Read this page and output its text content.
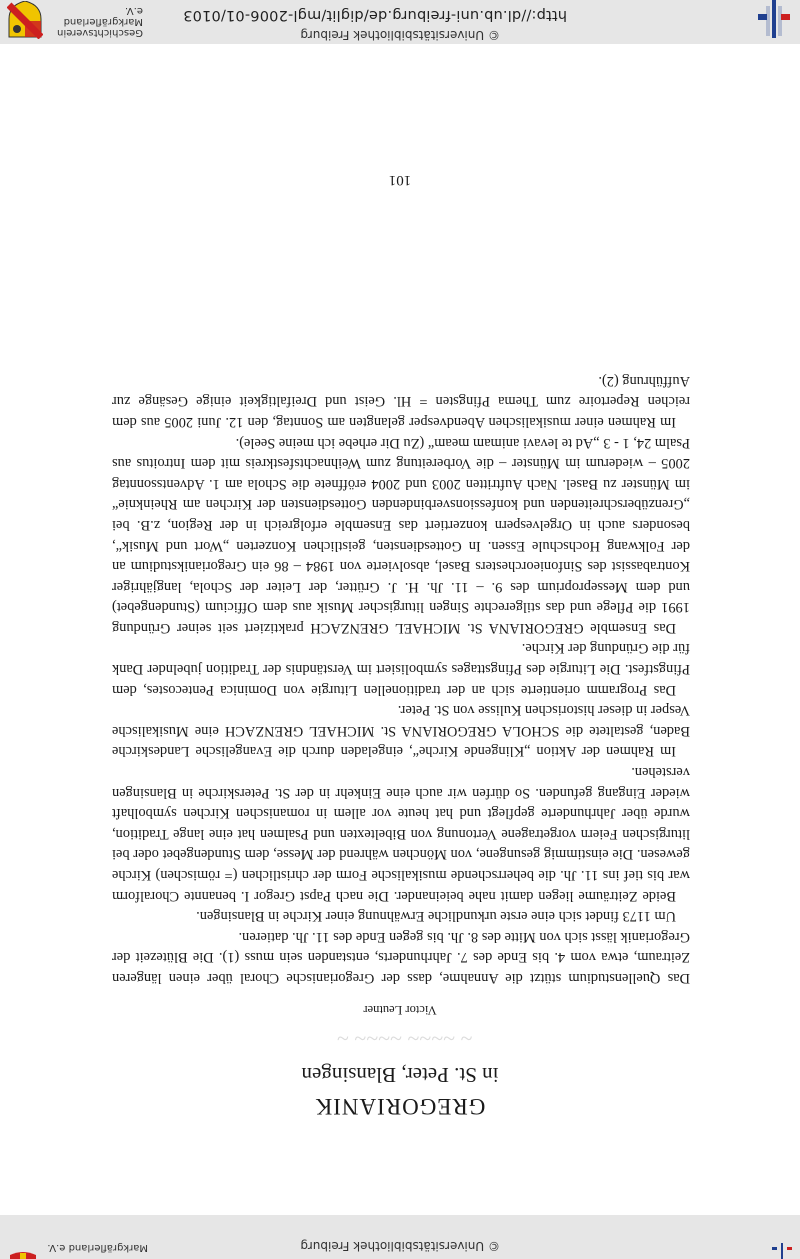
© Universitätsbibliothek Freiburg
Markgräflerland e.V.
GREGORIANIK
in St. Peter, Blansingen
~ ~~~~ ~~~~ ~
Victor Leutner

Das Quellenstudium stützt die Annahme, dass der Gregorianische Choral über einen längeren Zeitraum, etwa vom 4. bis Ende des 7. Jahrhunderts, entstanden sein muss (1). Die Blütezeit der Gregorianik lässt sich von Mitte des 8. Jh. bis gegen Ende des 11. Jh. datieren.

Um 1173 findet sich eine erste urkundliche Erwähnung einer Kirche in Blansingen.

Beide Zeiträume liegen damit nahe beieinander. Die nach Papst Gregor I. benannte Choralform war bis tief ins 11. Jh. die beherrschende musikalische Form der christlichen (= römischen) Kirche gewesen. Die einstimmig gesungene, von Mönchen während der Messe, dem Stundengebet oder bei liturgischen Feiern vorgetragene Vertonung von Bibeltexten und Psalmen hat eine lange Tradition, wurde über Jahrhunderte gepflegt und hat heute vor allem in romanischen Kirchen symbolhaft wieder Eingang gefunden. So dürfen wir auch eine Einkehr in der St. Peterskirche in Blansingen verstehen.

Im Rahmen der Aktion „Klingende Kirche“, eingeladen durch die Evangelische Landeskirche Baden, gestaltete die SCHOLA GREGORIANA St. MICHAEL GRENZACH eine Musikalische Vesper in dieser historischen Kulisse von St. Peter.

Das Programm orientierte sich an der traditionellen Liturgie von Dominica Pentecostes, dem Pfingstfest. Die Liturgie des Pfingsttages symbolisiert im Verständnis der Tradition jubelnder Dank für die Gründung der Kirche.

Das Ensemble GREGORIANA St. MICHAEL GRENZACH praktiziert seit seiner Gründung 1991 die Pflege und das stilgerechte Singen liturgischer Musik aus dem Officium (Stundengebet) und dem Messeproprium des 9. – 11. Jh. H. J. Grütter, der Leiter der Schola, langjähriger Kontrabassist des Sinfonieorchesters Basel, absolvierte von 1984 – 86 ein Gregorianikstudium an der Folkwang Hochschule Essen. In Gottesdiensten, geistlichen Konzerten „Wort und Musik“, besonders auch in Orgelvespern konzertiert das Ensemble erfolgreich in der Region, z.B. bei „Grenzüberschreitenden und konfessionsverbindenden Gottesdiensten der Kirchen am Rheinknie“ im Münster zu Basel. Nach Auftritten 2003 und 2004 eröffnete die Schola am 1. Adventssonntag 2005 – wiederum im Münster – die Vorbereitung zum Weihnachtsfestkreis mit dem Introitus aus Psalm 24, 1 - 3 „Ad te levavi animam meam“ (Zu Dir erhebe ich meine Seele).

Im Rahmen einer musikalischen Abendvesper gelangten am Sonntag, den 12. Juni 2005 aus dem reichen Repertoire zum Thema Pfingsten = Hl. Geist und Dreifaltigkeit einige Gesänge zur Aufführung (2).

101
http://dl.ub.uni-freiburg.de/diglit/mgl-2006-01/0103
© Universitätsbibliothek Freiburg
Geschichtsverein
Markgräflerland e.V.
